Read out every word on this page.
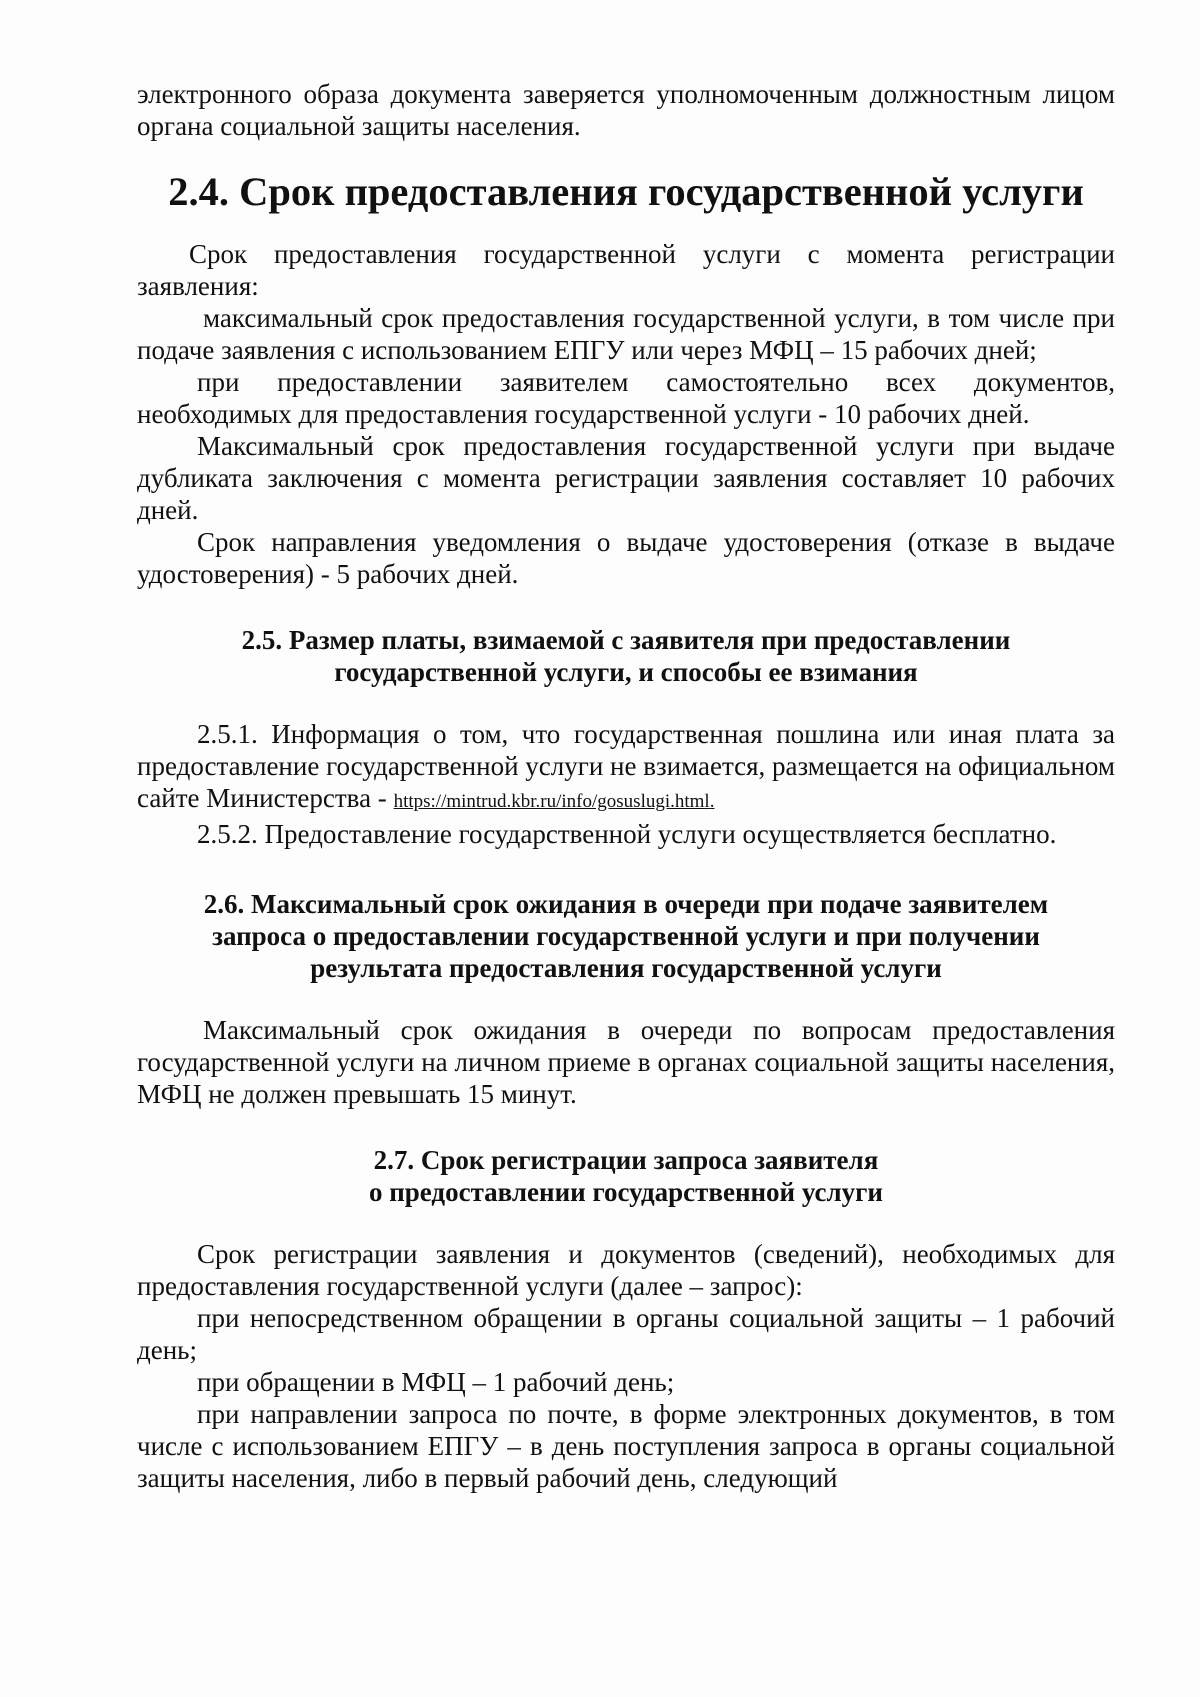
электронного образа документа заверяется уполномоченным должностным лицом органа социальной защиты населения.

2.4. Срок предоставления государственной услуги

Срок предоставления государственной услуги с момента регистрации заявления:

максимальный срок предоставления государственной услуги, в том числе при подаче заявления с использованием ЕПГУ или через МФЦ – 15 рабочих дней;

при предоставлении заявителем самостоятельно всех документов, необходимых для предоставления государственной услуги - 10 рабочих дней.

Максимальный срок предоставления государственной услуги при выдаче дубликата заключения с момента регистрации заявления составляет 10 рабочих дней.

Срок направления уведомления о выдаче удостоверения (отказе в выдаче удостоверения) - 5 рабочих дней.

2.5. Размер платы, взимаемой с заявителя при предоставлении
государственной услуги, и способы ее взимания

2.5.1. Информация о том, что государственная пошлина или иная плата за предоставление государственной услуги не взимается, размещается на официальном сайте Министерства - https://mintrud.kbr.ru/info/gosuslugi.html.

2.5.2. Предоставление государственной услуги осуществляется бесплатно.

2.6. Максимальный срок ожидания в очереди при подаче заявителем
запроса о предоставлении государственной услуги и при получении
результата предоставления государственной услуги

Максимальный срок ожидания в очереди по вопросам предоставления государственной услуги на личном приеме в органах социальной защиты населения, МФЦ не должен превышать 15 минут.

2.7. Срок регистрации запроса заявителя
о предоставлении государственной услуги

Срок регистрации заявления и документов (сведений), необходимых для предоставления государственной услуги (далее – запрос):

при непосредственном обращении в органы социальной защиты – 1 рабочий день;

при обращении в МФЦ – 1 рабочий день;

при направлении запроса по почте, в форме электронных документов, в том числе с использованием ЕПГУ – в день поступления запроса в органы социальной защиты населения, либо в первый рабочий день, следующий
